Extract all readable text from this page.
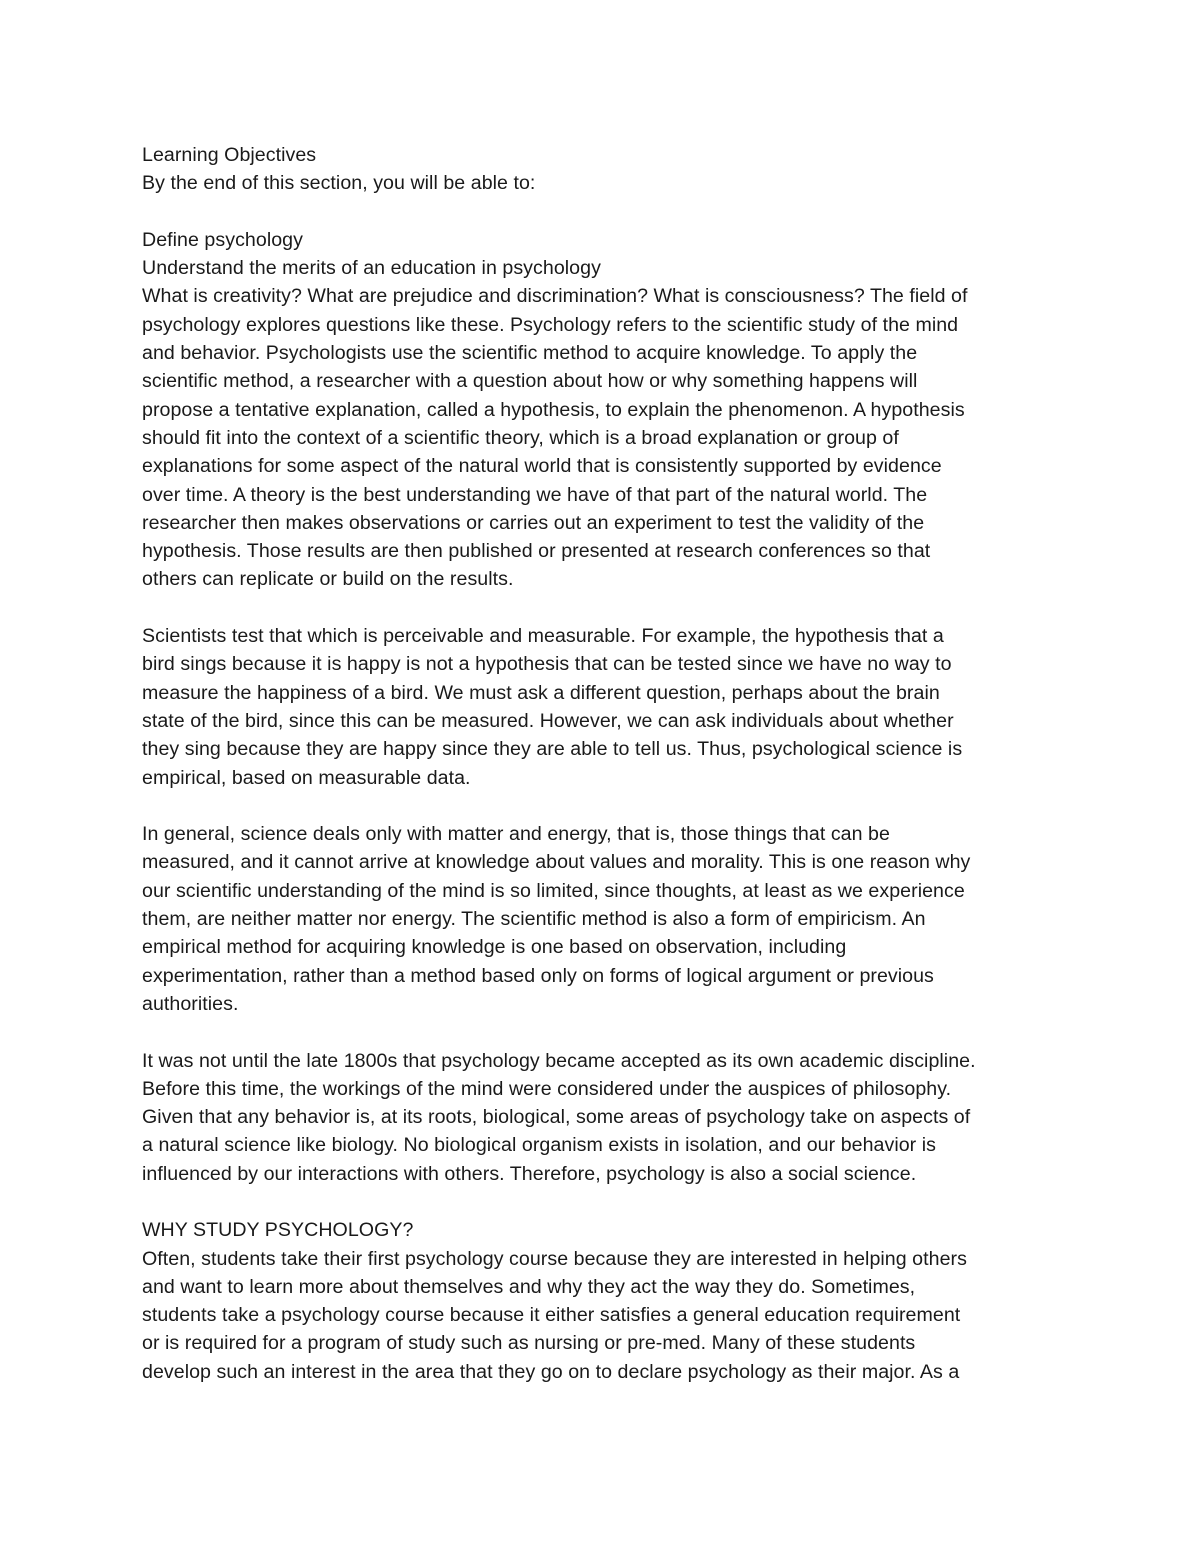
Learning Objectives
By the end of this section, you will be able to:
Define psychology
Understand the merits of an education in psychology
What is creativity? What are prejudice and discrimination? What is consciousness? The field of
psychology explores questions like these. Psychology refers to the scientific study of the mind
and behavior. Psychologists use the scientific method to acquire knowledge. To apply the
scientific method, a researcher with a question about how or why something happens will
propose a tentative explanation, called a hypothesis, to explain the phenomenon. A hypothesis
should fit into the context of a scientific theory, which is a broad explanation or group of
explanations for some aspect of the natural world that is consistently supported by evidence
over time. A theory is the best understanding we have of that part of the natural world. The
researcher then makes observations or carries out an experiment to test the validity of the
hypothesis. Those results are then published or presented at research conferences so that
others can replicate or build on the results.
Scientists test that which is perceivable and measurable. For example, the hypothesis that a
bird sings because it is happy is not a hypothesis that can be tested since we have no way to
measure the happiness of a bird. We must ask a different question, perhaps about the brain
state of the bird, since this can be measured. However, we can ask individuals about whether
they sing because they are happy since they are able to tell us. Thus, psychological science is
empirical, based on measurable data.
In general, science deals only with matter and energy, that is, those things that can be
measured, and it cannot arrive at knowledge about values and morality. This is one reason why
our scientific understanding of the mind is so limited, since thoughts, at least as we experience
them, are neither matter nor energy. The scientific method is also a form of empiricism. An
empirical method for acquiring knowledge is one based on observation, including
experimentation, rather than a method based only on forms of logical argument or previous
authorities.
It was not until the late 1800s that psychology became accepted as its own academic discipline.
Before this time, the workings of the mind were considered under the auspices of philosophy.
Given that any behavior is, at its roots, biological, some areas of psychology take on aspects of
a natural science like biology. No biological organism exists in isolation, and our behavior is
influenced by our interactions with others. Therefore, psychology is also a social science.
WHY STUDY PSYCHOLOGY?
Often, students take their first psychology course because they are interested in helping others
and want to learn more about themselves and why they act the way they do. Sometimes,
students take a psychology course because it either satisfies a general education requirement
or is required for a program of study such as nursing or pre-med. Many of these students
develop such an interest in the area that they go on to declare psychology as their major. As a
